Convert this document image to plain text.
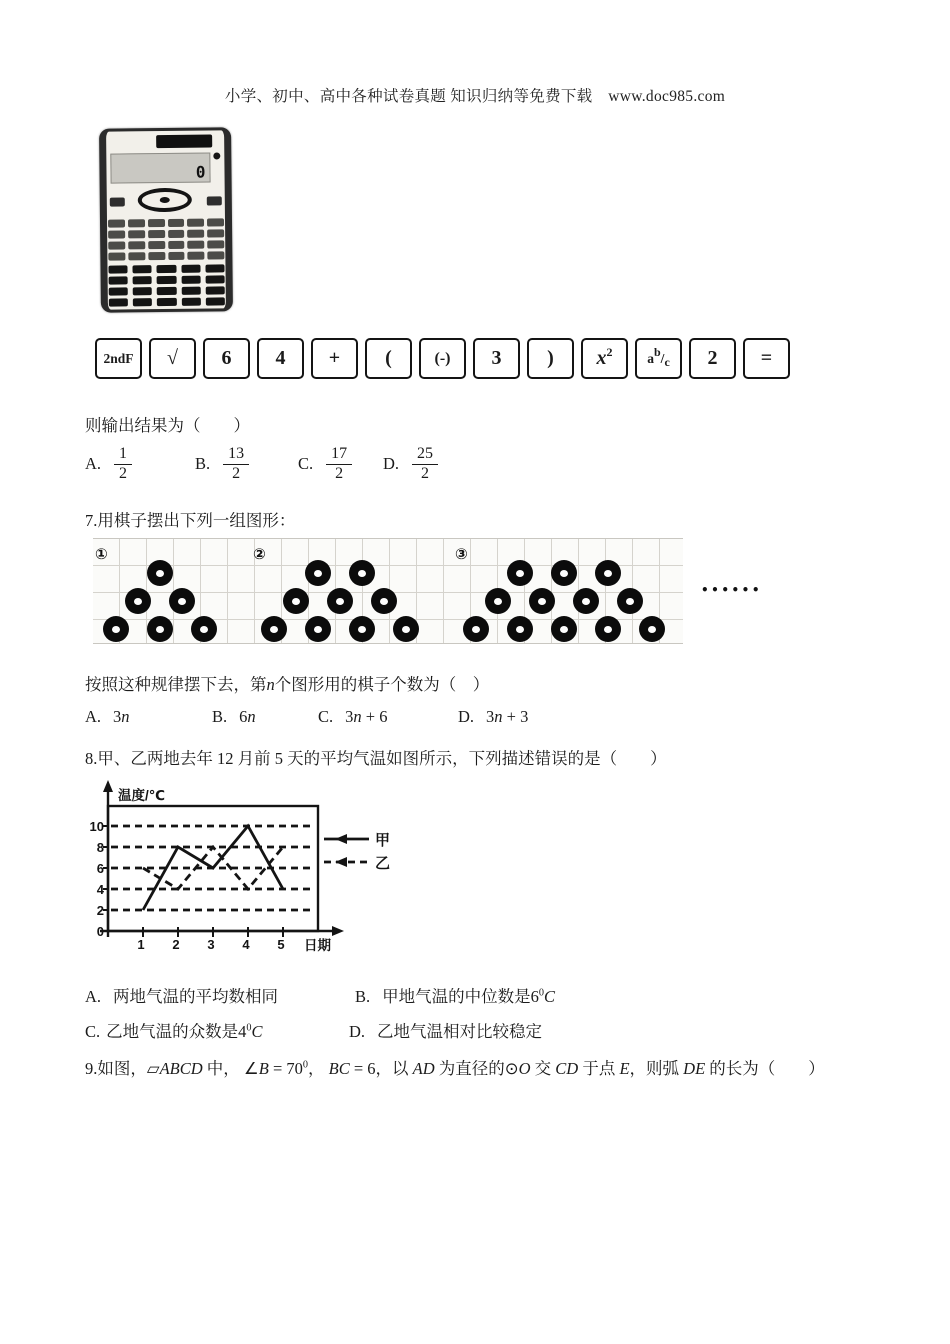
小学、初中、高中各种试卷真题 知识归纳等免费下载　www.doc985.com
0
2ndF √ 6 4 + (	(-) 3 ) x 2	a b / c 2 =
则输出结果为（　　）
A. $\frac{1}{2}$	B. $\frac{13}{2}$	C. $\frac{17}{2} D$. $\frac{25}{2}$
7.用棋子摆出下列一组图形：
①	②	③
••••••
按照这种规律摆下去，第n个图形用的棋子个数为（　）
A. 3n	B. 6n	C. 3n + 6	D. 3n + 3
8.甲、乙两地去年 12 月前 5 天的平均气温如图所示，下列描述错误的是（　　）
0
2
4
6
8
10
1 2 3 4 5
温度/℃
日期
甲
乙
A. 两地气温的平均数相同	B. 甲地气温的中位数是$6^0C$
C. 乙地气温的众数是$4^0C$	D. 乙地气温相对比较稳定
9.如图，▱ABCD 中， ∠B = $70^0$， BC = 6，以 AD 为直径的⊙O 交 CD 于点 E，则弧 DE 的长为（　　）
